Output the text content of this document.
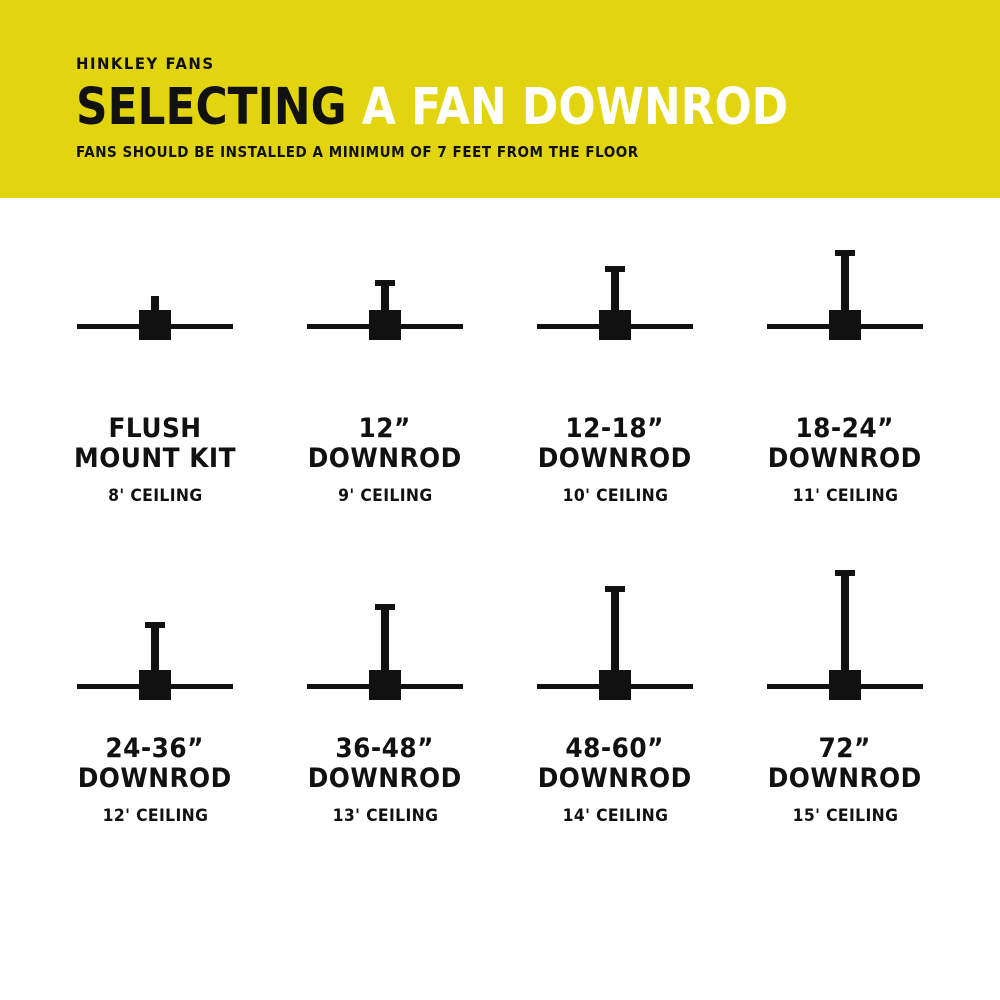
HINKLEY FANS
SELECTING A FAN DOWNROD
FANS SHOULD BE INSTALLED A MINIMUM OF 7 FEET FROM THE FLOOR
FLUSH
MOUNT KIT
8' CEILING
12”
DOWNROD
9' CEILING
12-18”
DOWNROD
10' CEILING
18-24”
DOWNROD
11' CEILING
24-36”
DOWNROD
12' CEILING
36-48”
DOWNROD
13' CEILING
48-60”
DOWNROD
14' CEILING
72”
DOWNROD
15' CEILING
